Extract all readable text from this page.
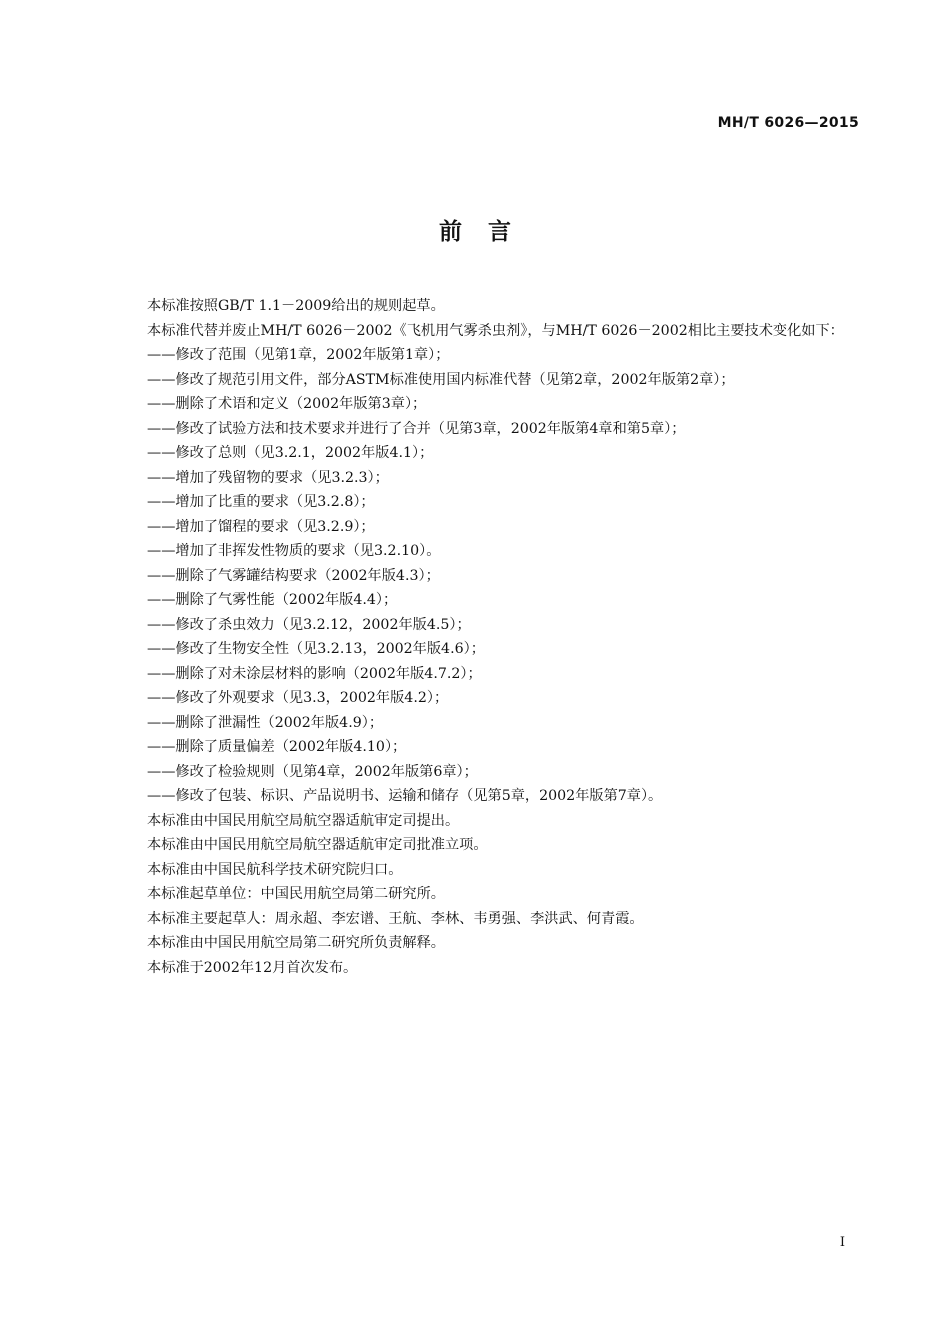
MH/T 6026—2015
前言

本标准按照GB/T 1.1－2009给出的规则起草。

本标准代替并废止MH/T 6026－2002《飞机用气雾杀虫剂》，与MH/T 6026－2002相比主要技术变化如下：

——修改了范围（见第1章，2002年版第1章）；
——修改了规范引用文件，部分ASTM标准使用国内标准代替（见第2章，2002年版第2章）；
——删除了术语和定义（2002年版第3章）；
——修改了试验方法和技术要求并进行了合并（见第3章，2002年版第4章和第5章）；
——修改了总则（见3.2.1，2002年版4.1）；
——增加了残留物的要求（见3.2.3）；
——增加了比重的要求（见3.2.8）；
——增加了馏程的要求（见3.2.9）；
——增加了非挥发性物质的要求（见3.2.10）。
——删除了气雾罐结构要求（2002年版4.3）；
——删除了气雾性能（2002年版4.4）；
——修改了杀虫效力（见3.2.12，2002年版4.5）；
——修改了生物安全性（见3.2.13，2002年版4.6）；
——删除了对未涂层材料的影响（2002年版4.7.2）；
——修改了外观要求（见3.3，2002年版4.2）；
——删除了泄漏性（2002年版4.9）；
——删除了质量偏差（2002年版4.10）；
——修改了检验规则（见第4章，2002年版第6章）；
——修改了包装、标识、产品说明书、运输和储存（见第5章，2002年版第7章）。

本标准由中国民用航空局航空器适航审定司提出。

本标准由中国民用航空局航空器适航审定司批准立项。

本标准由中国民航科学技术研究院归口。

本标准起草单位：中国民用航空局第二研究所。

本标准主要起草人：周永超、李宏谱、王航、李林、韦勇强、李洪武、何青霞。

本标准由中国民用航空局第二研究所负责解释。

本标准于2002年12月首次发布。

I
